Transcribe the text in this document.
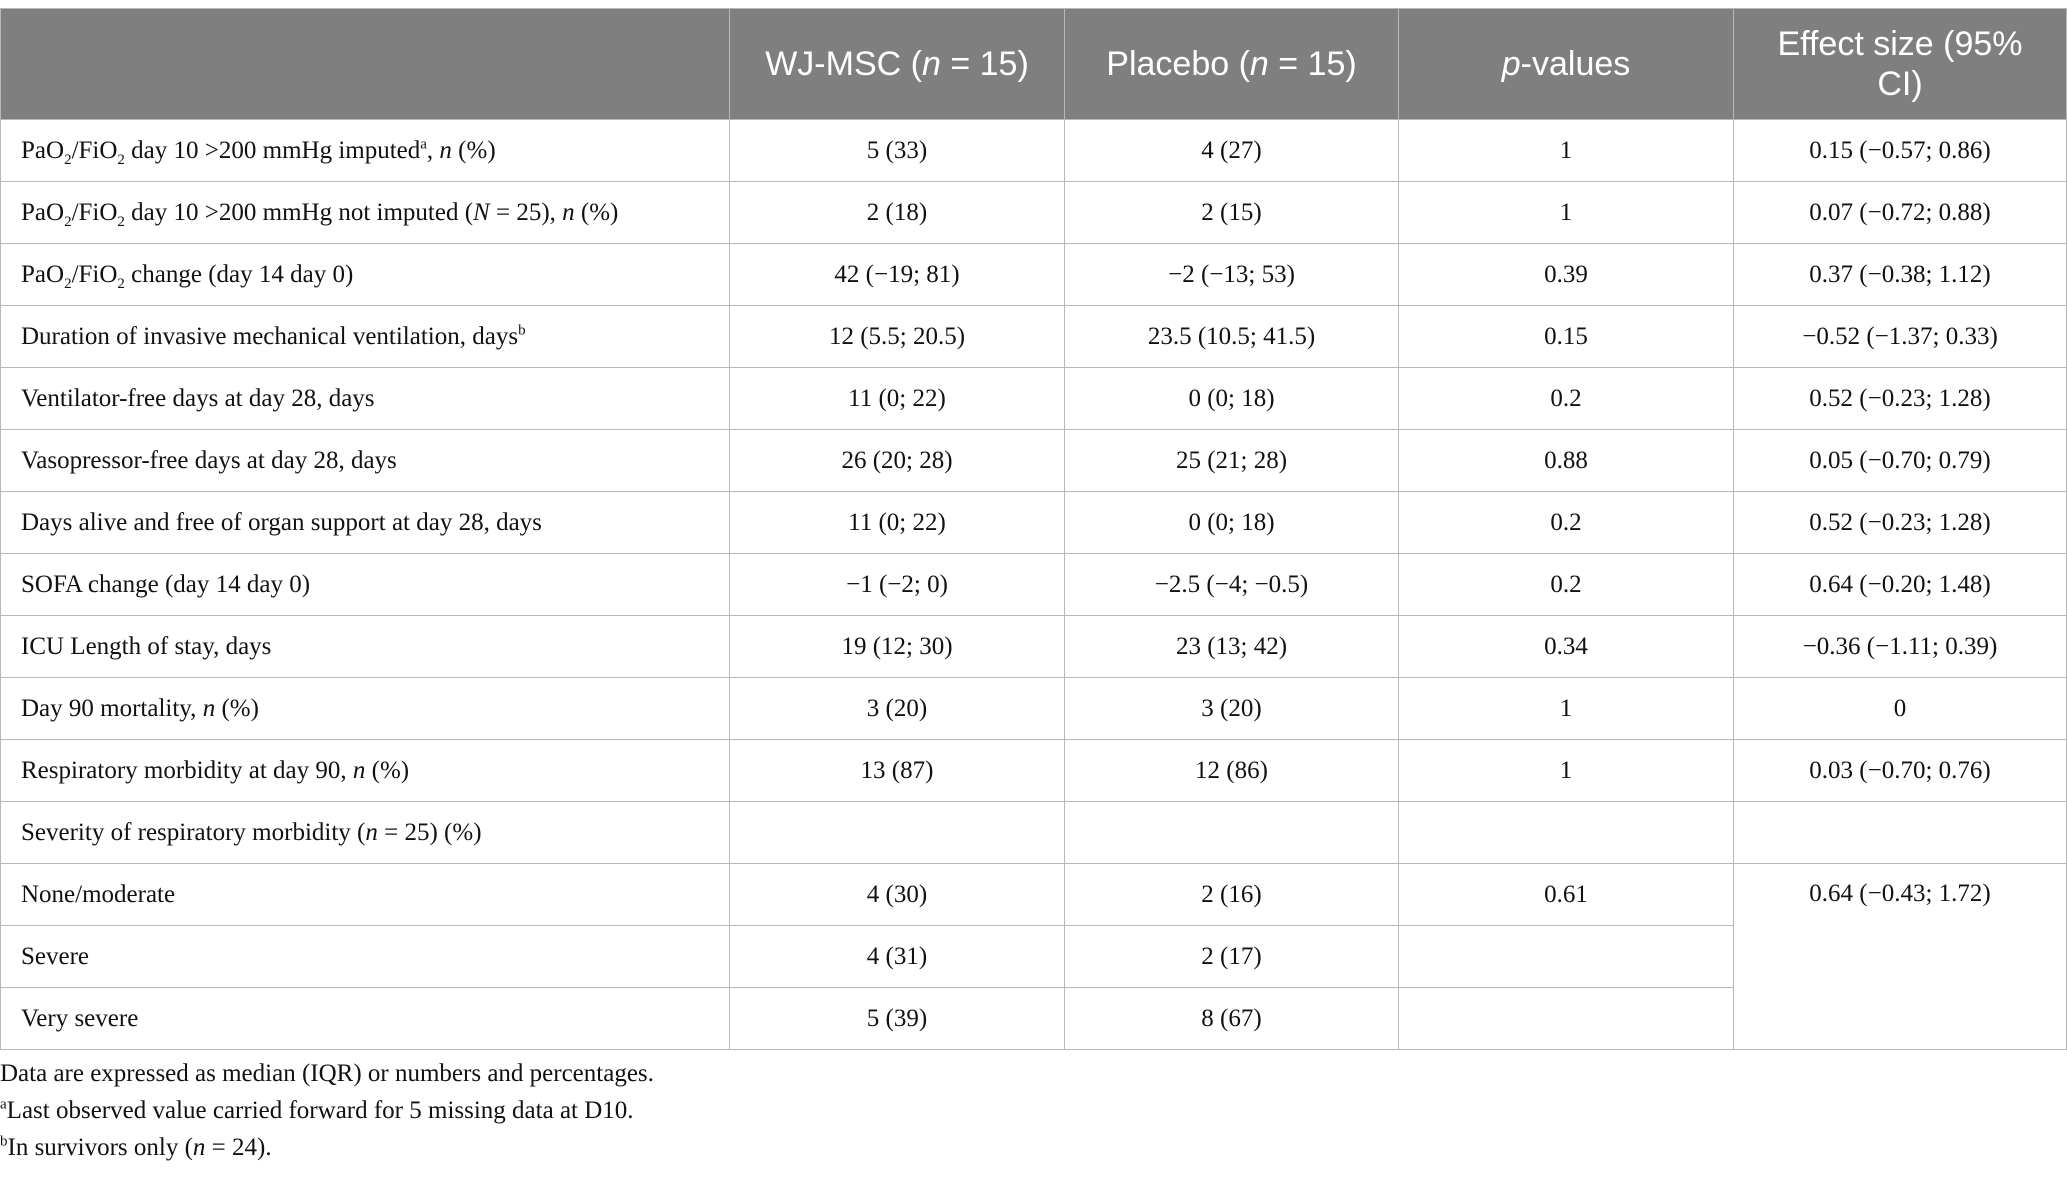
	WJ-MSC (n = 15)	Placebo (n = 15)	p-values	Effect size (95% CI)
PaO$_2$/FiO$_2$ day 10 >200 mmHg imputed$^a$, n (%)	5 (33)	4 (27)	1	0.15 (−0.57; 0.86)
PaO$_2$/FiO$_2$ day 10 >200 mmHg not imputed (N = 25), n (%)	2 (18)	2 (15)	1	0.07 (−0.72; 0.88)
PaO$_2$/FiO$_2$ change (day 14 day 0)	42 (−19; 81)	−2 (−13; 53)	0.39	0.37 (−0.38; 1.12)
Duration of invasive mechanical ventilation, days$^b$	12 (5.5; 20.5)	23.5 (10.5; 41.5)	0.15	−0.52 (−1.37; 0.33)
Ventilator-free days at day 28, days	11 (0; 22)	0 (0; 18)	0.2	0.52 (−0.23; 1.28)
Vasopressor-free days at day 28, days	26 (20; 28)	25 (21; 28)	0.88	0.05 (−0.70; 0.79)
Days alive and free of organ support at day 28, days	11 (0; 22)	0 (0; 18)	0.2	0.52 (−0.23; 1.28)
SOFA change (day 14 day 0)	−1 (−2; 0)	−2.5 (−4; −0.5)	0.2	0.64 (−0.20; 1.48)
ICU Length of stay, days	19 (12; 30)	23 (13; 42)	0.34	−0.36 (−1.11; 0.39)
Day 90 mortality, n (%)	3 (20)	3 (20)	1	0
Respiratory morbidity at day 90, n (%)	13 (87)	12 (86)	1	0.03 (−0.70; 0.76)
Severity of respiratory morbidity (n = 25) (%)				
None/moderate	4 (30)	2 (16)	0.61	0.64 (−0.43; 1.72)
Severe	4 (31)	2 (17)		
Very severe	5 (39)	8 (67)		

Data are expressed as median (IQR) or numbers and percentages.

$^a$Last observed value carried forward for 5 missing data at D10.

$^b$In survivors only (n = 24).
